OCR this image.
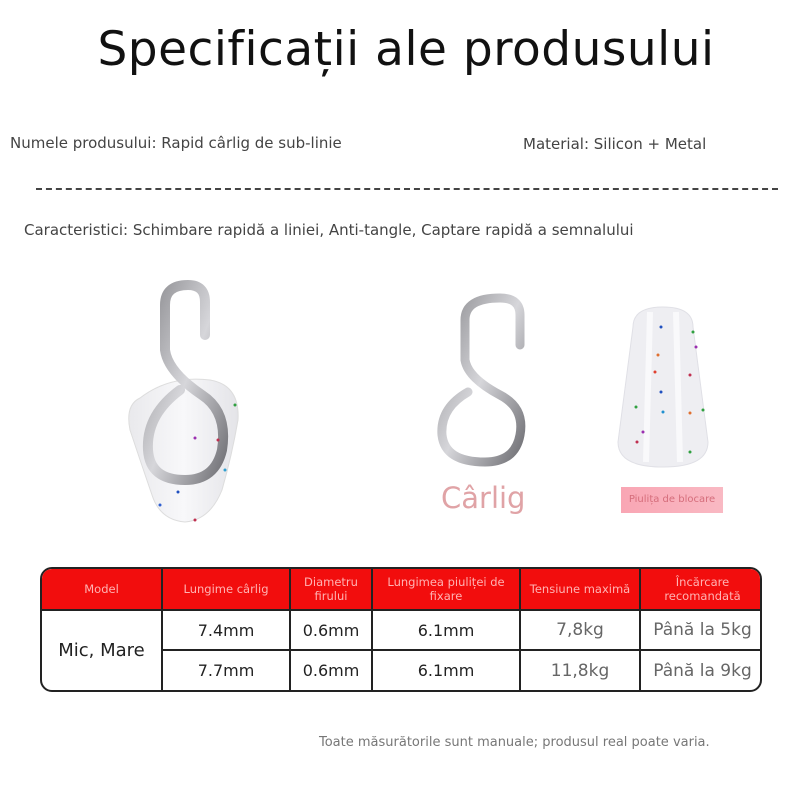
Specificații ale produsului
Numele produsului: Rapid cârlig de sub-linie	Material: Silicon + Metal
Caracteristici: Schimbare rapidă a liniei, Anti-tangle, Captare rapidă a semnalului
Cârlig	Piulița de blocare
Model	Lungime cârlig	Diametru firului	Lungimea piuliței de fixare	Tensiune maximă	Încărcare recomandată
Mic, Mare	7.4mm	0.6mm	6.1mm	7,8kg	Până la 5kg
	7.7mm	0.6mm	6.1mm	11,8kg	Până la 9kg
Toate măsurătorile sunt manuale; produsul real poate varia.
